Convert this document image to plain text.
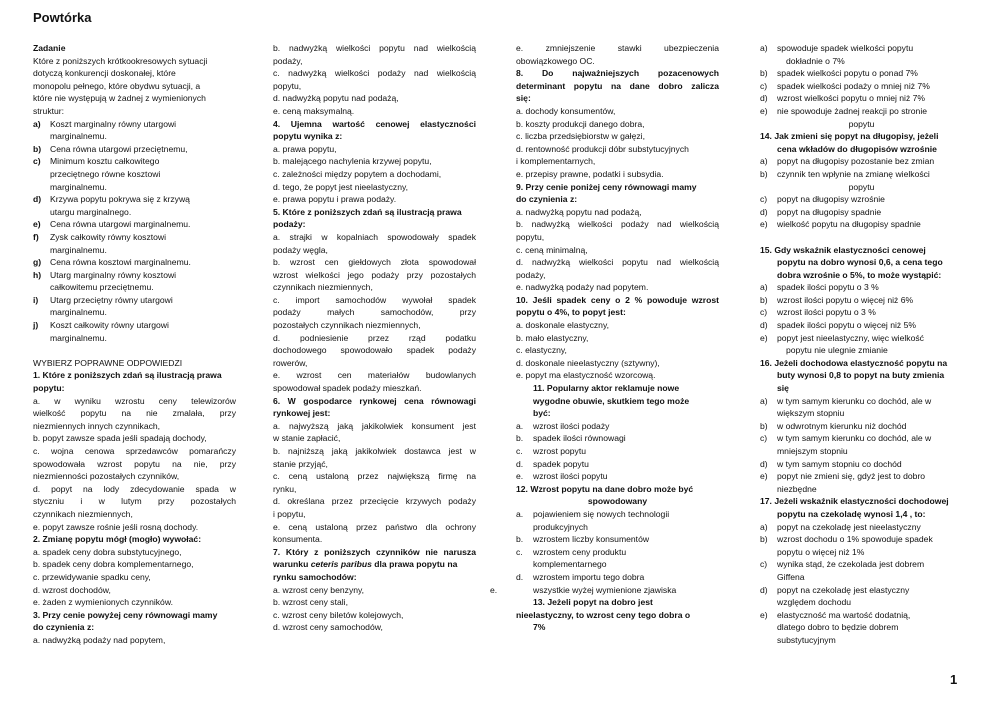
Powtórka
Zadanie
Które z poniższych krótkookresowych sytuacji
dotyczą konkurencji doskonałej, które
monopolu pełnego, które obydwu sytuacji, a
które nie występują w żadnej z wymienionych
struktur:
a)	Koszt marginalny równy utargowi
marginalnemu.
b)	Cena równa utargowi przeciętnemu,
c)	Minimum kosztu całkowitego
przeciętnego równe kosztowi
marginalnemu.
d)	Krzywa popytu pokrywa się z krzywą
utargu marginalnego.
e)	Cena równa utargowi marginalnemu.
f)	Zysk całkowity równy kosztowi
marginalnemu.
g)	Cena równa kosztowi marginalnemu.
h)	Utarg marginalny równy kosztowi
całkowitemu przeciętnemu.
i)	Utarg przeciętny równy utargowi
marginalnemu.
j)	Koszt całkowity równy utargowi
marginalnemu.
WYBIERZ POPRAWNE ODPOWIEDZI
1. Które z poniższych zdań są ilustracją prawa
popytu:
a. w wyniku wzrostu ceny telewizorów
wielkość popytu na nie zmalała, przy
niezmiennych innych czynnikach,
b. popyt zawsze spada jeśli spadają dochody,
c. wojna cenowa sprzedawców pomarańczy
spowodowała wzrost popytu na nie, przy
niezmienności pozostałych czynników,
d. popyt na lody zdecydowanie spada w
styczniu i w lutym przy pozostałych
czynnikach niezmiennych,
e. popyt zawsze rośnie jeśli rosną dochody.
2. Zmianę popytu mógł (mogło) wywołać:
a. spadek ceny dobra substytucyjnego,
b. spadek ceny dobra komplementarnego,
c. przewidywanie spadku ceny,
d. wzrost dochodów,
e. żaden z wymienionych czynników.
3. Przy cenie powyżej ceny równowagi mamy
do czynienia z:
a. nadwyżką podaży nad popytem,
b. nadwyżką wielkości popytu nad wielkością
podaży,
c. nadwyżką wielkości podaży nad wielkością
popytu,
d. nadwyżką popytu nad podażą,
e. ceną maksymalną.
4. Ujemna wartość cenowej elastyczności
popytu wynika z:
a. prawa popytu,
b. malejącego nachylenia krzywej popytu,
c. zależności między popytem a dochodami,
d. tego, że popyt jest nieelastyczny,
e. prawa popytu i prawa podaży.
5. Które z poniższych zdań są ilustracją prawa
podaży:
a. strajki w kopalniach spowodowały spadek
podaży węgla,
b. wzrost cen giełdowych złota spowodował
wzrost wielkości jego podaży przy pozostałych
czynnikach niezmiennych,
c. import samochodów wywołał spadek
podaży małych samochodów, przy
pozostałych czynnikach niezmiennych,
d. podniesienie przez rząd podatku
dochodowego spowodowało spadek podaży
rowerów,
e. wzrost cen materiałów budowlanych
spowodował spadek podaży mieszkań.
6. W gospodarce rynkowej cena równowagi
rynkowej jest:
a. najwyższą jaką jakikolwiek konsument jest
w stanie zapłacić,
b. najniższą jaką jakikolwiek dostawca jest w
stanie przyjąć,
c. ceną ustaloną przez największą firmę na
rynku,
d. określana przez przecięcie krzywych podaży
i popytu,
e. ceną ustaloną przez państwo dla ochrony
konsumenta.
7. Który z poniższych czynników nie narusza
warunku ceteris paribus dla prawa popytu na
rynku samochodów:
a. wzrost ceny benzyny,
b. wzrost ceny stali,
c. wzrost ceny biletów kolejowych,
d. wzrost ceny samochodów,
e. zmniejszenie stawki ubezpieczenia
obowiązkowego OC.
8. Do najważniejszych pozacenowych
determinant popytu na dane dobro zalicza
się:
a. dochody konsumentów,
b. koszty produkcji danego dobra,
c. liczba przedsiębiorstw w gałęzi,
d. rentowność produkcji dóbr substytucyjnych
i komplementarnych,
e. przepisy prawne, podatki i subsydia.
9. Przy cenie poniżej ceny równowagi mamy
do czynienia z:
a. nadwyżką popytu nad podażą,
b. nadwyżką wielkości podaży nad wielkością
popytu,
c. ceną minimalną,
d. nadwyżką wielkości popytu nad wielkością
podaży,
e. nadwyżką podaży nad popytem.
10. Jeśli spadek ceny o 2 % powoduje wzrost
popytu o 4%, to popyt jest:
a. doskonale elastyczny,
b. mało elastyczny,
c. elastyczny,
d. doskonale nieelastyczny (sztywny),
e. popyt ma elastyczność wzorcową.
11. Popularny aktor reklamuje nowe
wygodne obuwie, skutkiem tego może
być:
a.	wzrost ilości podaży
b.	spadek ilości równowagi
c.	wzrost popytu
d.	spadek popytu
e.	wzrost ilości popytu
12. Wzrost popytu na dane dobro może być
spowodowany
a.	pojawieniem się nowych technologii
produkcyjnych
b.	wzrostem liczby konsumentów
c.	wzrostem ceny produktu
komplementarnego
d.	wzrostem importu tego dobra
wszystkie wyżej wymienione zjawiska
e.
13. Jeżeli popyt na dobro jest
nieelastyczny, to wzrost ceny tego dobra o
7%
a)	spowoduje spadek wielkości popytu
dokładnie o 7%
b)	spadek wielkości popytu o ponad 7%
c)	spadek wielkości podaży o mniej niż 7%
d)	wzrost wielkości popytu o mniej niż 7%
e)	nie spowoduje żadnej reakcji po stronie
popytu
14. Jak zmieni się popyt na długopisy, jeżeli
cena wkładów do długopisów wzrośnie
a)	popyt na długopisy pozostanie bez zmian
b)	czynnik ten wpłynie na zmianę wielkości
popytu
c)	popyt na długopisy wzrośnie
d)	popyt na długopisy spadnie
e)	wielkość popytu na długopisy spadnie
15. Gdy wskaźnik elastyczności cenowej
popytu na dobro wynosi 0,6, a cena tego
dobra wzrośnie o 5%, to może wystąpić:
a)	spadek ilości popytu o 3 %
b)	wzrost ilości popytu o więcej niż 6%
c)	wzrost ilości popytu o 3 %
d)	spadek ilości popytu o więcej niż 5%
e)	popyt jest nieelastyczny, więc wielkość
popytu nie ulegnie zmianie
16. Jeżeli dochodowa elastyczność popytu na
buty wynosi 0,8 to popyt na buty zmienia
się
a)	w tym samym kierunku co dochód, ale w
większym stopniu
b)	w odwrotnym kierunku niż dochód
c)	w tym samym kierunku co dochód, ale w
mniejszym stopniu
d)	w tym samym stopniu co dochód
e)	popyt nie zmieni się, gdyż jest to dobro
niezbędne
17. Jeżeli wskaźnik elastyczności dochodowej
popytu na czekoladę wynosi 1,4 , to:
a)	popyt na czekoladę jest nieelastyczny
b)	wzrost dochodu o 1% spowoduje spadek
popytu o więcej niż 1%
c)	wynika stąd, że czekolada jest dobrem
Giffena
d)	popyt na czekoladę jest elastyczny
względem dochodu
e)	elastyczność ma wartość dodatnią,
dlatego dobro to będzie dobrem
substytucyjnym
1
